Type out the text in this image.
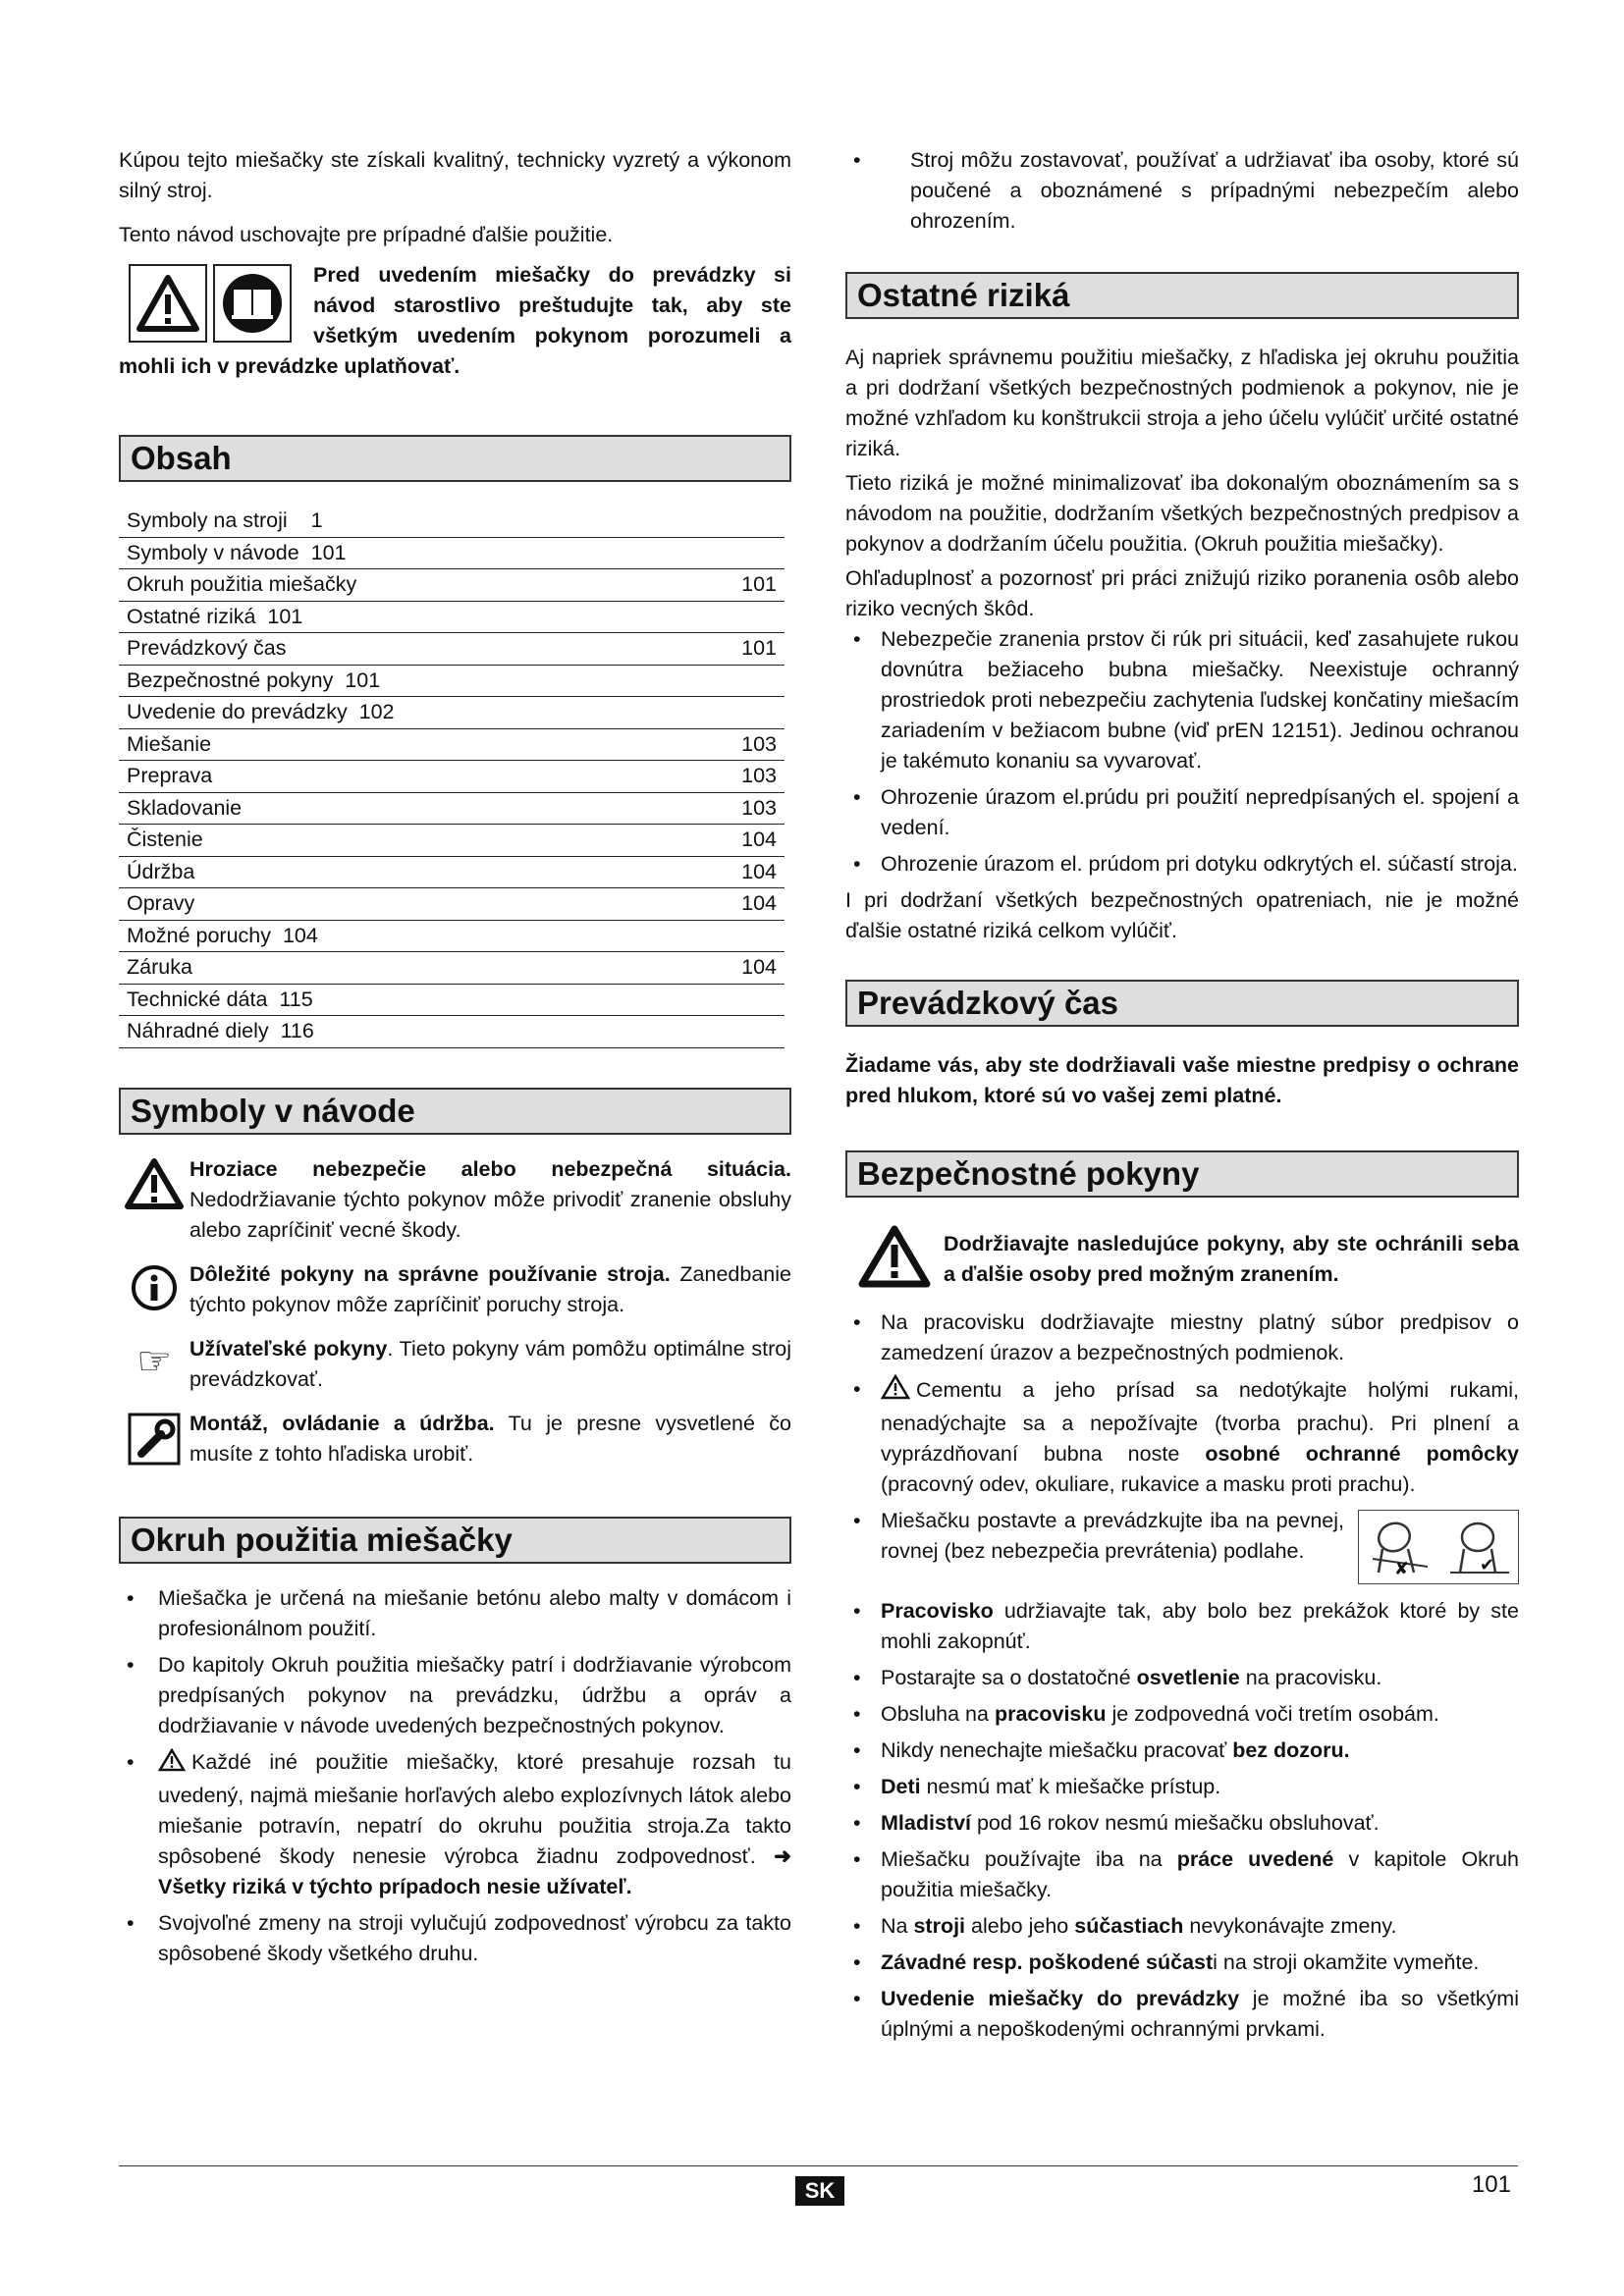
Kúpou tejto miešačky ste získali kvalitný, technicky vyzretý a výkonom silný stroj.

Tento návod uschovajte pre prípadné ďalšie použitie.

Pred uvedením miešačky do prevádzky si návod starostlivo preštudujte tak, aby ste všetkým uvedením pokynom porozumeli a mohli ich v prevádzke uplatňovať.

Obsah
Symboly na stroji    1	
Symboly v návode  101	
Okruh použitia miešačky	101
Ostatné riziká  101	
Prevádzkový čas	101
Bezpečnostné pokyny  101	
Uvedenie do prevádzky  102	
Miešanie	103
Preprava	103
Skladovanie	103
Čistenie	104
Údržba	104
Opravy	104
Možné poruchy  104	
Záruka	104
Technické dáta  115	
Náhradné diely  116	
Symboly v návode
Hroziace nebezpečie alebo nebezpečná situácia. Nedodržiavanie týchto pokynov môže privodiť zranenie obsluhy alebo zapríčiniť vecné škody.
Dôležité pokyny na správne používanie stroja. Zanedbanie týchto pokynov môže zapríčiniť poruchy stroja.
☞ Užívateľské pokyny. Tieto pokyny vám pomôžu optimálne stroj prevádzkovať.
Montáž, ovládanie a údržba. Tu je presne vysvetlené čo musíte z tohto hľadiska urobiť.
Okruh použitia miešačky
• Miešačka je určená na miešanie betónu alebo malty v domácom i profesionálnom použití.
• Do kapitoly Okruh použitia miešačky patrí i dodržiavanie výrobcom predpísaných pokynov na prevádzku, údržbu a opráv a dodržiavanie v návode uvedených bezpečnostných pokynov.
• Každé iné použitie miešačky, ktoré presahuje rozsah tu uvedený, najmä miešanie horľavých alebo explozívnych látok alebo miešanie potravín, nepatrí do okruhu použitia stroja.Za takto spôsobené škody nenesie výrobca žiadnu zodpovednosť. ➜ Všetky riziká v týchto prípadoch nesie užívateľ.
• Svojvoľné zmeny na stroji vylučujú zodpovednosť výrobcu za takto spôsobené škody všetkého druhu.
• Stroj môžu zostavovať, používať a udržiavať iba osoby, ktoré sú poučené a oboznámené s prípadnými nebezpečím alebo ohrozením.
Ostatné riziká

Aj napriek správnemu použitiu miešačky, z hľadiska jej okruhu použitia a pri dodržaní všetkých bezpečnostných podmienok a pokynov, nie je možné vzhľadom ku konštrukcii stroja a jeho účelu vylúčiť určité ostatné riziká.

Tieto riziká je možné minimalizovať iba dokonalým oboznámením sa s návodom na použitie, dodržaním všetkých bezpečnostných predpisov a pokynov a dodržaním účelu použitia. (Okruh použitia miešačky).

Ohľaduplnosť a pozornosť pri práci znižujú riziko poranenia osôb alebo riziko vecných škôd.

• Nebezpečie zranenia prstov či rúk pri situácii, keď zasahujete rukou dovnútra bežiaceho bubna miešačky. Neexistuje ochranný prostriedok proti nebezpečiu zachytenia ľudskej končatiny miešacím zariadením v bežiacom bubne (viď prEN 12151). Jedinou ochranou je takémuto konaniu sa vyvarovať.
• Ohrozenie úrazom el.prúdu pri použití nepredpísaných el. spojení a vedení.
• Ohrozenie úrazom el. prúdom pri dotyku odkrytých el. súčastí stroja.

I pri dodržaní všetkých bezpečnostných opatreniach, nie je možné ďalšie ostatné riziká celkom vylúčiť.

Prevádzkový čas

Žiadame vás, aby ste dodržiavali vaše miestne predpisy o ochrane pred hlukom, ktoré sú vo vašej zemi platné.

Bezpečnostné pokyny
Dodržiavajte nasledujúce pokyny, aby ste ochránili seba a ďalšie osoby pred možným zranením.
• Na pracovisku dodržiavajte miestny platný súbor predpisov o zamedzení úrazov a bezpečnostných podmienok.
• Cementu a jeho prísad sa nedotýkajte holými rukami, nenadýchajte sa a nepožívajte (tvorba prachu). Pri plnení a vyprázdňovaní bubna noste osobné ochranné pomôcky (pracovný odev, okuliare, rukavice a masku proti prachu).
• ✘	✔
Miešačku postavte a prevádzkujte iba na pevnej, rovnej (bez nebezpečia prevrátenia) podlahe.
• Pracovisko udržiavajte tak, aby bolo bez prekážok ktoré by ste mohli zakopnúť.
• Postarajte sa o dostatočné osvetlenie na pracovisku.
• Obsluha na pracovisku je zodpovedná voči tretím osobám.
• Nikdy nenechajte miešačku pracovať bez dozoru.
• Deti nesmú mať k miešačke prístup.
• Mladiství pod 16 rokov nesmú miešačku obsluhovať.
• Miešačku používajte iba na práce uvedené v kapitole Okruh použitia miešačky.
• Na stroji alebo jeho súčastiach nevykonávajte zmeny.
• Závadné resp. poškodené súčasti na stroji okamžite vymeňte.
• Uvedenie miešačky do prevádzky je možné iba so všetkými úplnými a nepoškodenými ochrannými prvkami.
SK	101
